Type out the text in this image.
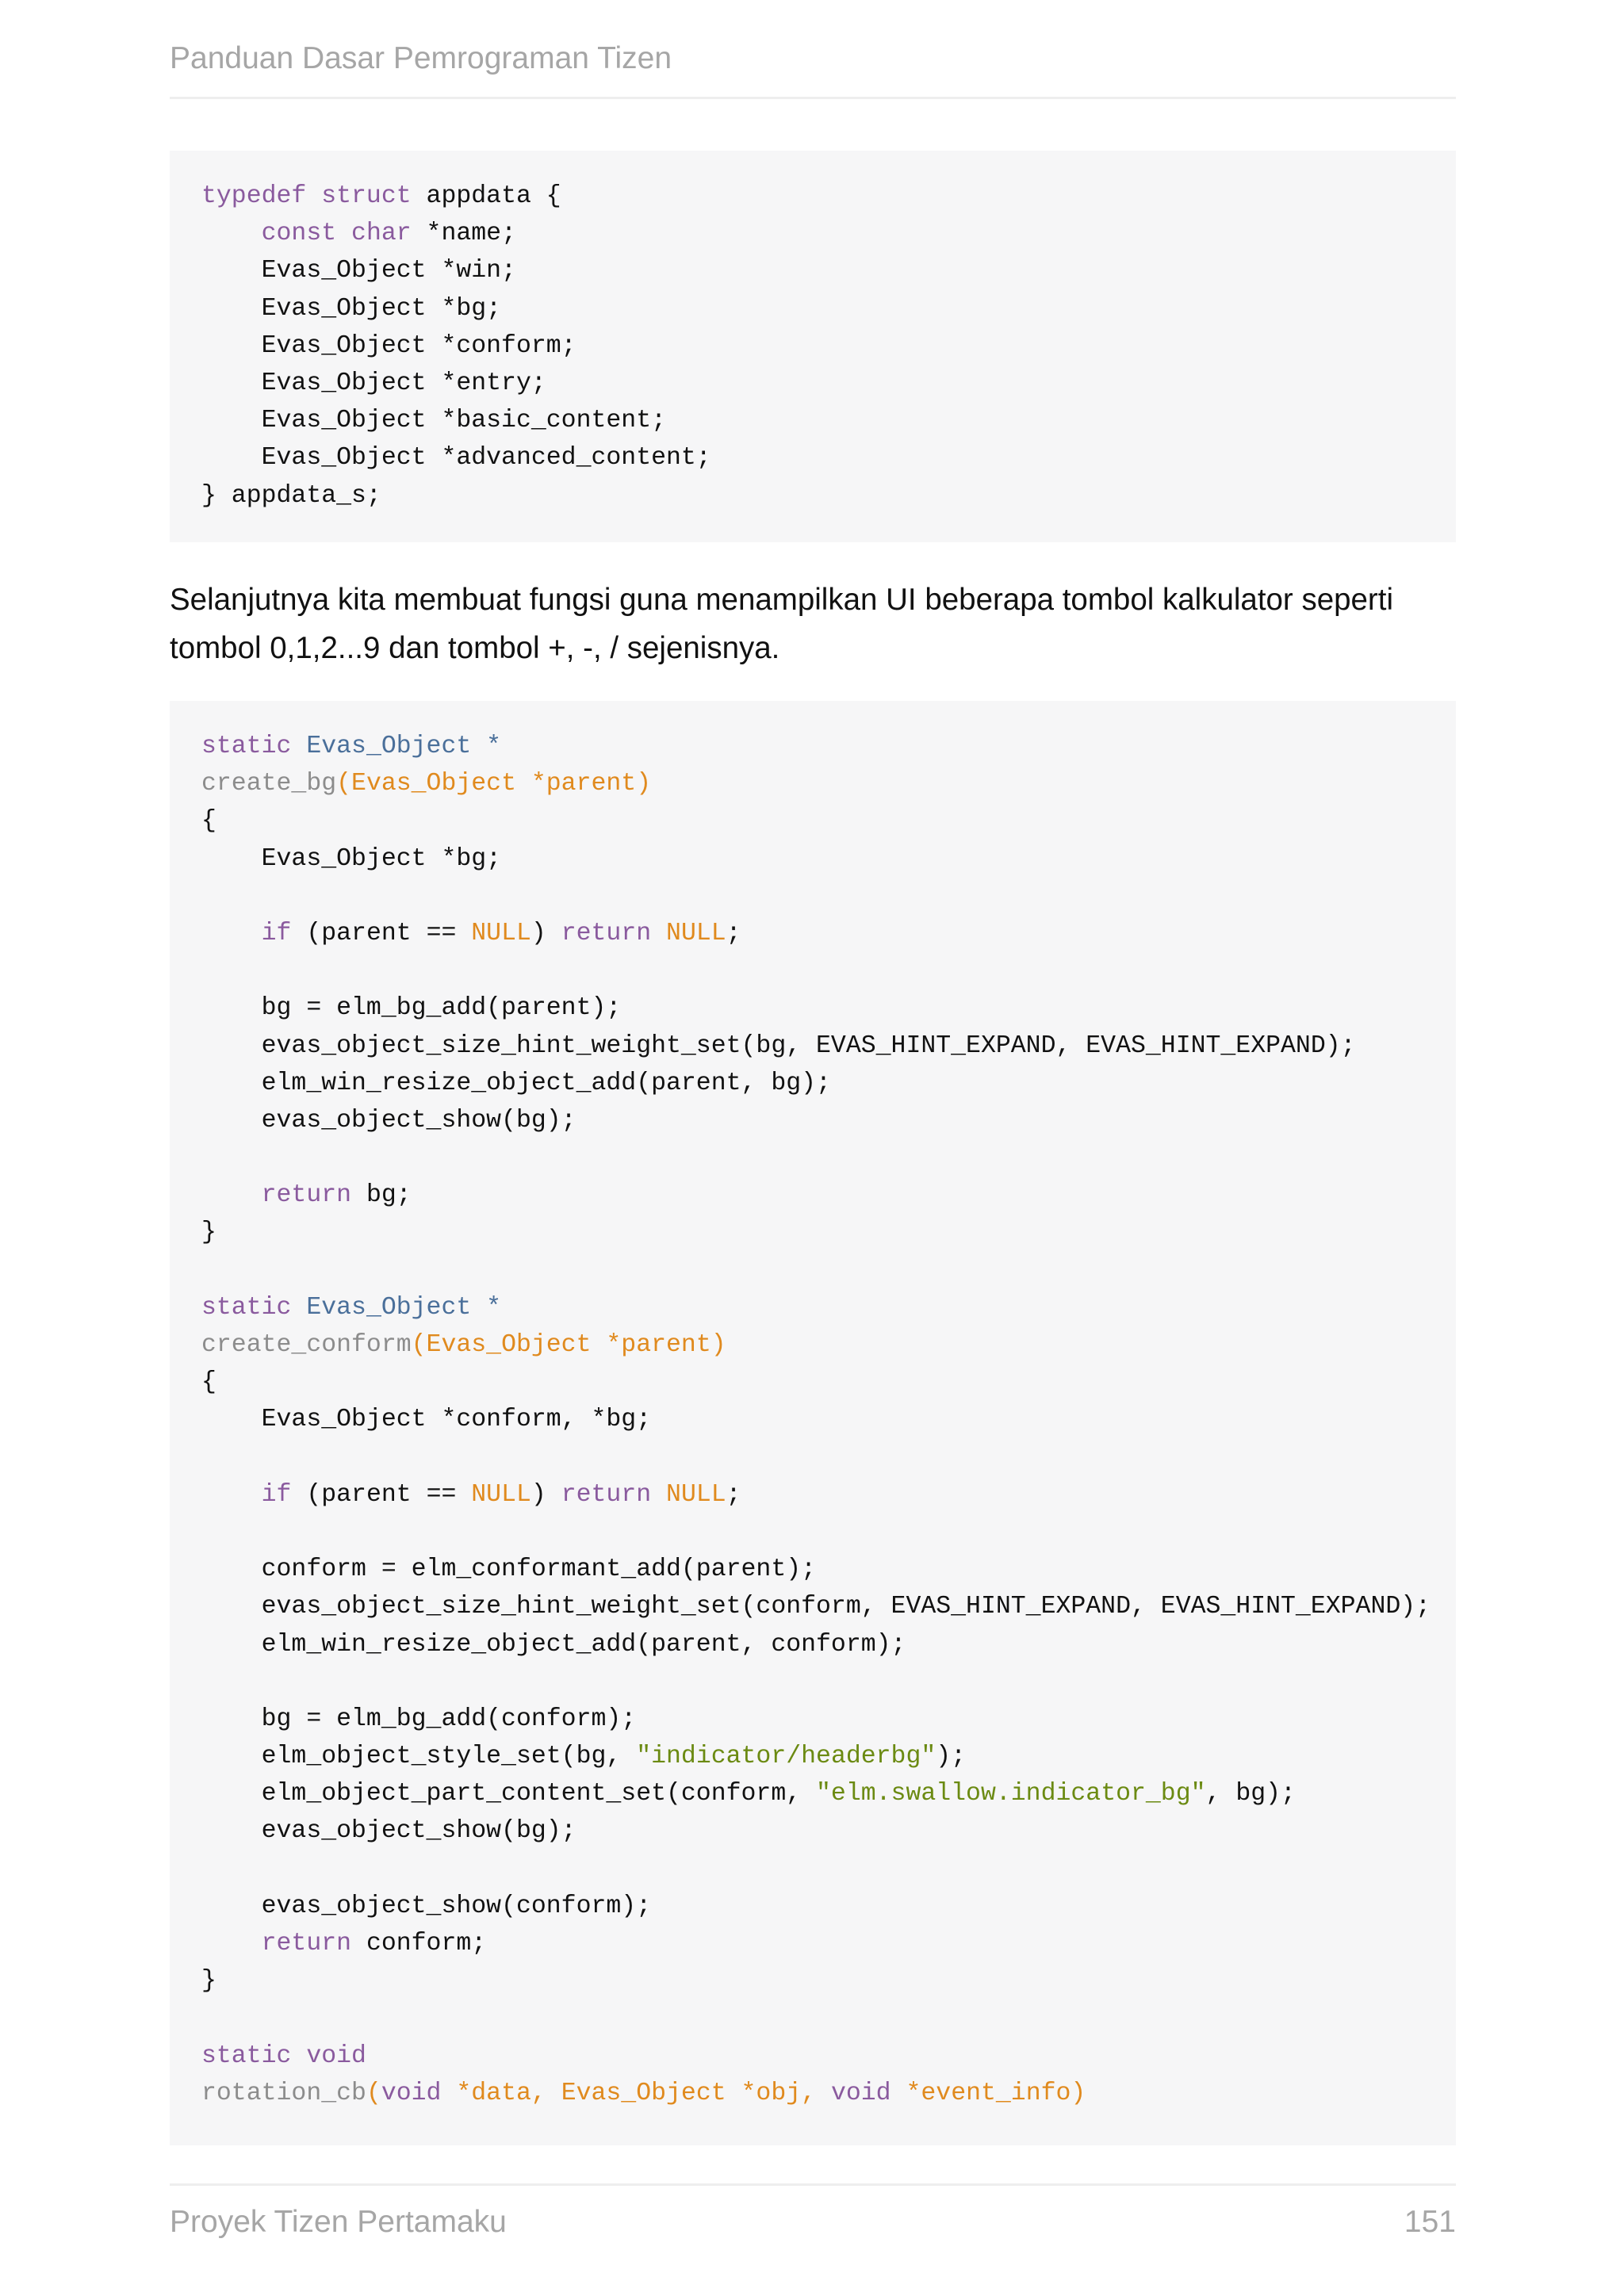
Panduan Dasar Pemrograman Tizen
typedef struct appdata {
const char *name;
Evas_Object *win;
Evas_Object *bg;
Evas_Object *conform;
Evas_Object *entry;
Evas_Object *basic_content;
Evas_Object *advanced_content;
} appdata_s;
Selanjutnya kita membuat fungsi guna menampilkan UI beberapa tombol kalkulator seperti tombol 0,1,2...9 dan tombol +, -, / sejenisnya.
static Evas_Object *
create_bg(Evas_Object *parent)
{
Evas_Object *bg;
if (parent == NULL) return NULL;
bg = elm_bg_add(parent);
evas_object_size_hint_weight_set(bg, EVAS_HINT_EXPAND, EVAS_HINT_EXPAND);
elm_win_resize_object_add(parent, bg);
evas_object_show(bg);
return bg;
}
static Evas_Object *
create_conform(Evas_Object *parent)
{
Evas_Object *conform, *bg;
if (parent == NULL) return NULL;
conform = elm_conformant_add(parent);
evas_object_size_hint_weight_set(conform, EVAS_HINT_EXPAND, EVAS_HINT_EXPAND);
elm_win_resize_object_add(parent, conform);
bg = elm_bg_add(conform);
elm_object_style_set(bg, "indicator/headerbg");
elm_object_part_content_set(conform, "elm.swallow.indicator_bg", bg);
evas_object_show(bg);
evas_object_show(conform);
return conform;
}
static void
rotation_cb(void *data, Evas_Object *obj, void *event_info)
Proyek Tizen Pertamaku	151
